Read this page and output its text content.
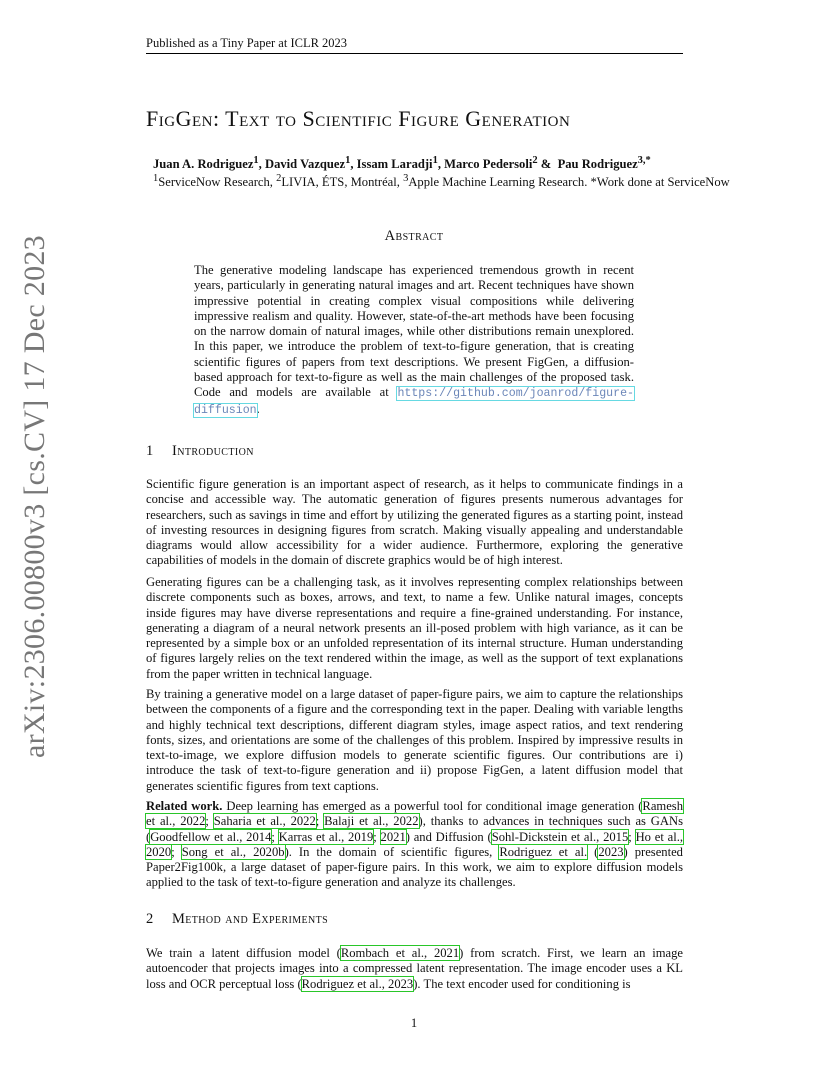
arXiv:2306.00800v3 [cs.CV] 17 Dec 2023
Published as a Tiny Paper at ICLR 2023
FigGen: Text to Scientific Figure Generation
Juan A. Rodriguez$^1$, David Vazquez$^1$, Issam Laradji$^1$, Marco Pedersoli$^2$ &  Pau Rodriguez$^{3,*}$
$^1$ServiceNow Research, $^2$LIVIA, ÉTS, Montréal, $^3$Apple Machine Learning Research. *Work done at ServiceNow
Abstract
The generative modeling landscape has experienced tremendous growth in recent years, particularly in generating natural images and art. Recent techniques have shown impressive potential in creating complex visual compositions while delivering impressive realism and quality. However, state-of-the-art methods have been focusing on the narrow domain of natural images, while other distributions remain unexplored. In this paper, we introduce the problem of text-to-figure generation, that is creating scientific figures of papers from text descriptions. We present FigGen, a diffusion-based approach for text-to-figure as well as the main challenges of the proposed task. Code and models are available at https://github.com/joanrod/figure-diffusion.
1 Introduction
Scientific figure generation is an important aspect of research, as it helps to communicate findings in a concise and accessible way. The automatic generation of figures presents numerous advantages for researchers, such as savings in time and effort by utilizing the generated figures as a starting point, instead of investing resources in designing figures from scratch. Making visually appealing and understandable diagrams would allow accessibility for a wider audience. Furthermore, exploring the generative capabilities of models in the domain of discrete graphics would be of high interest.
Generating figures can be a challenging task, as it involves representing complex relationships between discrete components such as boxes, arrows, and text, to name a few. Unlike natural images, concepts inside figures may have diverse representations and require a fine-grained understanding. For instance, generating a diagram of a neural network presents an ill-posed problem with high variance, as it can be represented by a simple box or an unfolded representation of its internal structure. Human understanding of figures largely relies on the text rendered within the image, as well as the support of text explanations from the paper written in technical language.
By training a generative model on a large dataset of paper-figure pairs, we aim to capture the relationships between the components of a figure and the corresponding text in the paper. Dealing with variable lengths and highly technical text descriptions, different diagram styles, image aspect ratios, and text rendering fonts, sizes, and orientations are some of the challenges of this problem. Inspired by impressive results in text-to-image, we explore diffusion models to generate scientific figures. Our contributions are i) introduce the task of text-to-figure generation and ii) propose FigGen, a latent diffusion model that generates scientific figures from text captions.
Related work. Deep learning has emerged as a powerful tool for conditional image generation (Ramesh et al., 2022; Saharia et al., 2022; Balaji et al., 2022), thanks to advances in techniques such as GANs (Goodfellow et al., 2014; Karras et al., 2019; 2021) and Diffusion (Sohl-Dickstein et al., 2015; Ho et al., 2020; Song et al., 2020b). In the domain of scientific figures, Rodriguez et al. (2023) presented Paper2Fig100k, a large dataset of paper-figure pairs. In this work, we aim to explore diffusion models applied to the task of text-to-figure generation and analyze its challenges.
2 Method and Experiments
We train a latent diffusion model (Rombach et al., 2021) from scratch. First, we learn an image autoencoder that projects images into a compressed latent representation. The image encoder uses a KL loss and OCR perceptual loss (Rodriguez et al., 2023). The text encoder used for conditioning is
1
